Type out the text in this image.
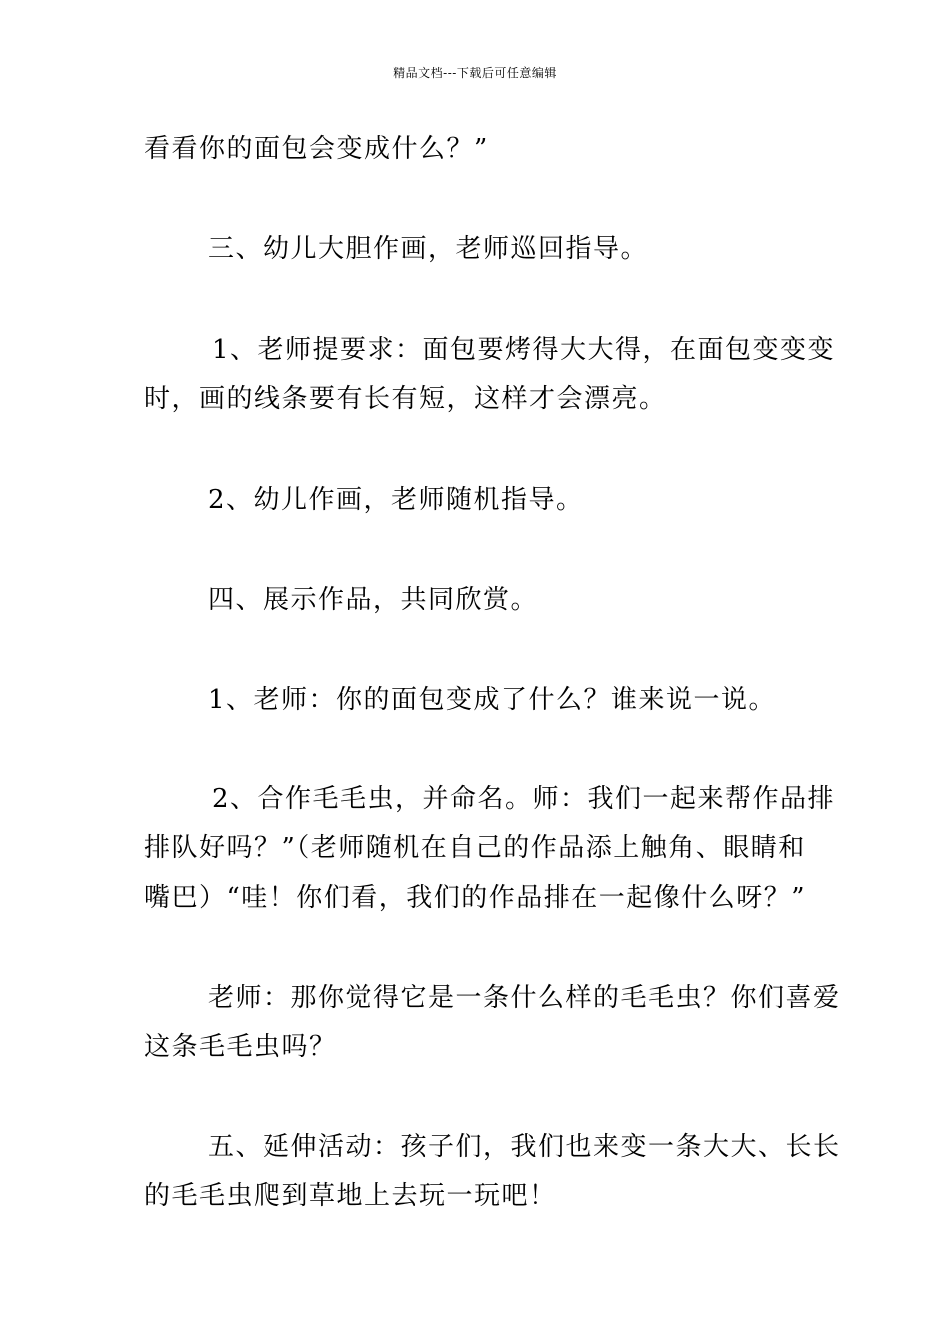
精品文档---下载后可任意编辑
看看你的面包会变成什么？”
三、幼儿大胆作画，老师巡回指导。
1、老师提要求：面包要烤得大大得，在面包变变变
时，画的线条要有长有短，这样才会漂亮。
2、幼儿作画，老师随机指导。
四、展示作品，共同欣赏。
1、老师：你的面包变成了什么？谁来说一说。
2、合作毛毛虫，并命名。师：我们一起来帮作品排
排队好吗？”（老师随机在自己的作品添上触角、眼睛和
嘴巴）“哇！你们看，我们的作品排在一起像什么呀？”
老师：那你觉得它是一条什么样的毛毛虫？你们喜爱
这条毛毛虫吗？
五、延伸活动：孩子们，我们也来变一条大大、长长
的毛毛虫爬到草地上去玩一玩吧！
